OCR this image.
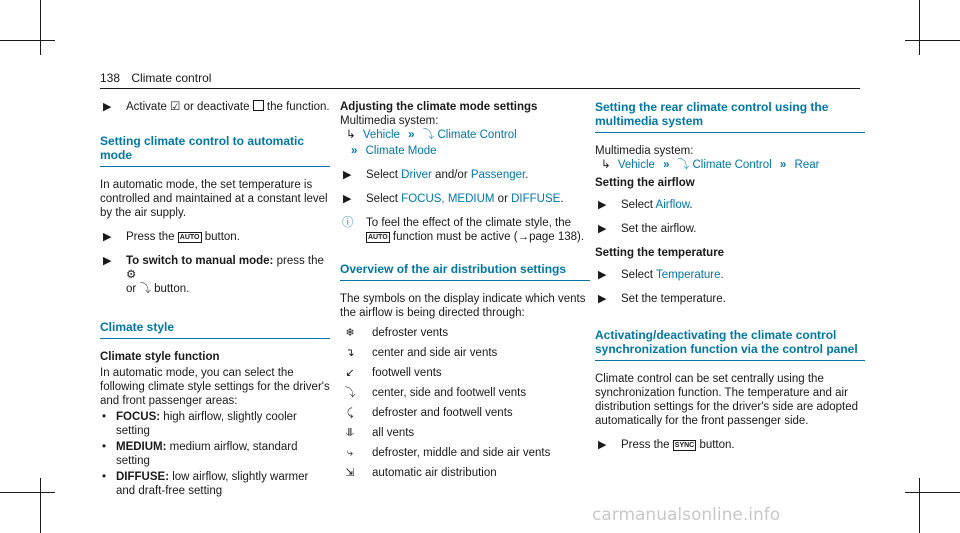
138 Climate control

▶ Activate ☑ or deactivate the function.

Setting climate control to automatic mode

In automatic mode, the set temperature is controlled and maintained at a constant level by the air supply.

▶ Press the AUTO button.

▶ To switch to manual mode: press the ⚙
or ⤵ button.

Climate style

Climate style function

In automatic mode, you can select the following climate style settings for the driver's and front passenger areas:

• FOCUS: high airflow, slightly cooler setting
• MEDIUM: medium airflow, standard setting
• DIFFUSE: low airflow, slightly warmer and draft-free setting

Adjusting the climate mode settings

Multimedia system:

↳ Vehicle » ⤵ Climate Control

» Climate Mode

▶ Select Driver and/or Passenger.

▶ Select FOCUS, MEDIUM or DIFFUSE.

ⓘ To feel the effect of the climate style, the AUTO function must be active (→page 138).

Overview of the air distribution settings

The symbols on the display indicate which vents the airflow is being directed through:

❄	defroster vents
↴	center and side air vents
↙	footwell vents
⤵	center, side and footwell vents
⤹	defroster and footwell vents
⥥	all vents
⤷	defroster, middle and side air vents
⇲	automatic air distribution

Setting the rear climate control using the multimedia system

Multimedia system:

↳ Vehicle » ⤵ Climate Control » Rear

Setting the airflow

▶ Select Airflow.

▶ Set the airflow.

Setting the temperature

▶ Select Temperature.

▶ Set the temperature.

Activating/deactivating the climate control synchronization function via the control panel

Climate control can be set centrally using the synchronization function. The temperature and air distribution settings for the driver's side are adopted automatically for the front passenger side.

▶ Press the SYNC button.

carmanualsonline.info
